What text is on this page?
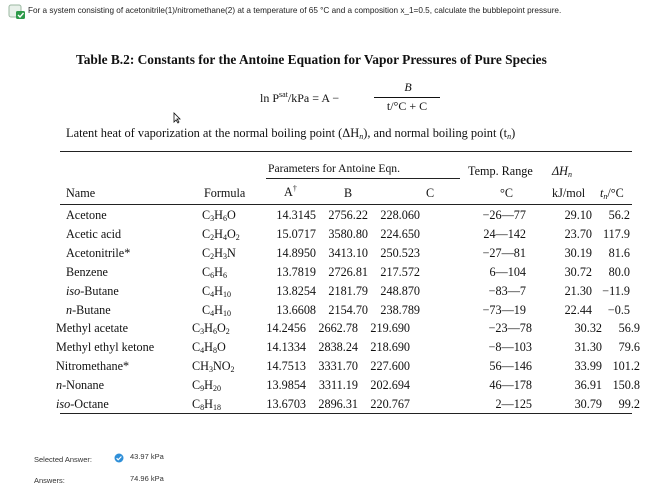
For a system consisting of acetonitrile(1)/nitromethane(2) at a temperature of 65 °C and a composition x_1=0.5, calculate the bubblepoint pressure.
Table B.2: Constants for the Antoine Equation for Vapor Pressures of Pure Species
$\ln P^{sat}$/kPa = A −
B
t/°C + C
Latent heat of vaporization at the normal boiling point $(\Delta H_n)$, and normal boiling point $(t_n)$
Parameters for Antoine Eqn.	Temp. Range $\Delta H_n$
Name	Formula	A†	B	C	°C	kJ/mol $t_n/^\circ C$
Acetone	$C_3H_6O$	14.3145	2756.22	228.060	−26—77	29.10	56.2
Acetic acid	$C_2H_4O_2$	15.0717	3580.80	224.650	24—142	23.70 117.9
Acetonitrile*	$C_2H_3N$	14.8950	3413.10	250.523	−27—81	30.19	81.6
Benzene	$C_6H_6$	13.7819	2726.81	217.572	6—104	30.72	80.0
iso-Butane	$C_4H_{10}$	13.8254	2181.79	248.870	−83—7	21.30 −11.9
n-Butane	$C_4H_{10}$	13.6608	2154.70	238.789	−73—19	22.44	−0.5
Methyl acetate	$C_3H_6O_2$	14.2456	2662.78	219.690	−23—78	30.32	56.9
Methyl ethyl ketone	$C_4H_8O$	14.1334	2838.24	218.690	−8—103	31.30	79.6
Nitromethane*	$CH_3NO_2$	14.7513	3331.70	227.600	56—146	33.99 101.2
n-Nonane	$C_9H_{20}$	13.9854	3311.19	202.694	46—178	36.91 150.8
iso-Octane	$C_8H_{18}$	13.6703	2896.31	220.767	2—125	30.79	99.2
Selected Answer:	43.97 kPa
Answers:	74.96 kPa
